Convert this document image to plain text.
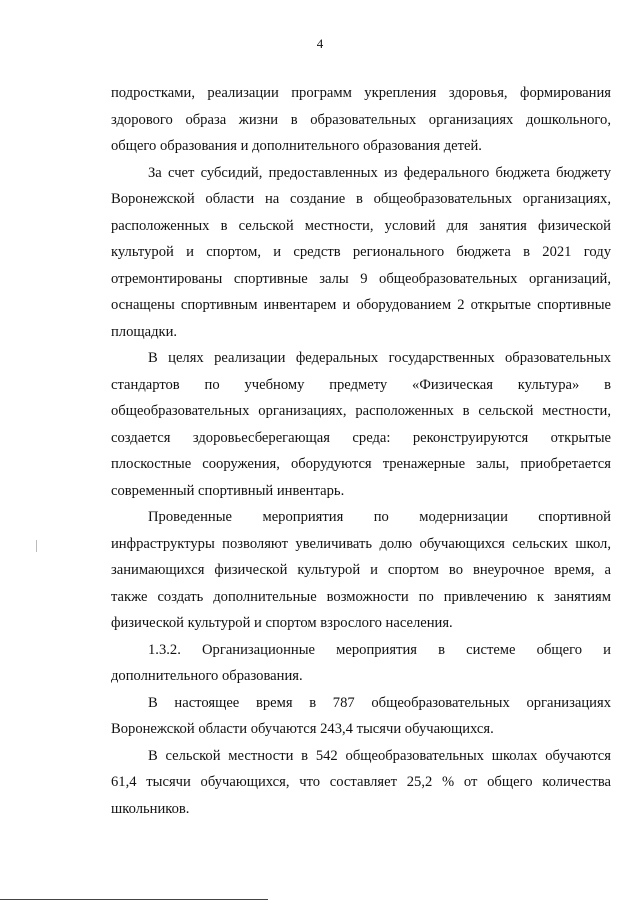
4

подростками, реализации программ укрепления здоровья, формирования
здорового образа жизни в образовательных организациях дошкольного,
общего образования и дополнительного образования детей.

За счет субсидий, предоставленных из федерального бюджета бюджету
Воронежской области на создание в общеобразовательных организациях,
расположенных в сельской местности, условий для занятия физической
культурой и спортом, и средств регионального бюджета в 2021 году
отремонтированы спортивные залы 9 общеобразовательных организаций,
оснащены спортивным инвентарем и оборудованием 2 открытые спортивные
площадки.

В целях реализации федеральных государственных образовательных
стандартов по учебному предмету «Физическая культура» в
общеобразовательных организациях, расположенных в сельской местности,
создается здоровьесберегающая среда: реконструируются открытые
плоскостные сооружения, оборудуются тренажерные залы, приобретается
современный спортивный инвентарь.

Проведенные мероприятия по модернизации спортивной
инфраструктуры позволяют увеличивать долю обучающихся сельских школ,
занимающихся физической культурой и спортом во внеурочное время, а
также создать дополнительные возможности по привлечению к занятиям
физической культурой и спортом взрослого населения.

1.3.2. Организационные мероприятия в системе общего и
дополнительного образования.

В настоящее время в 787 общеобразовательных организациях
Воронежской области обучаются 243,4 тысячи обучающихся.

В сельской местности в 542 общеобразовательных школах обучаются
61,4 тысячи обучающихся, что составляет 25,2 % от общего количества
школьников.
